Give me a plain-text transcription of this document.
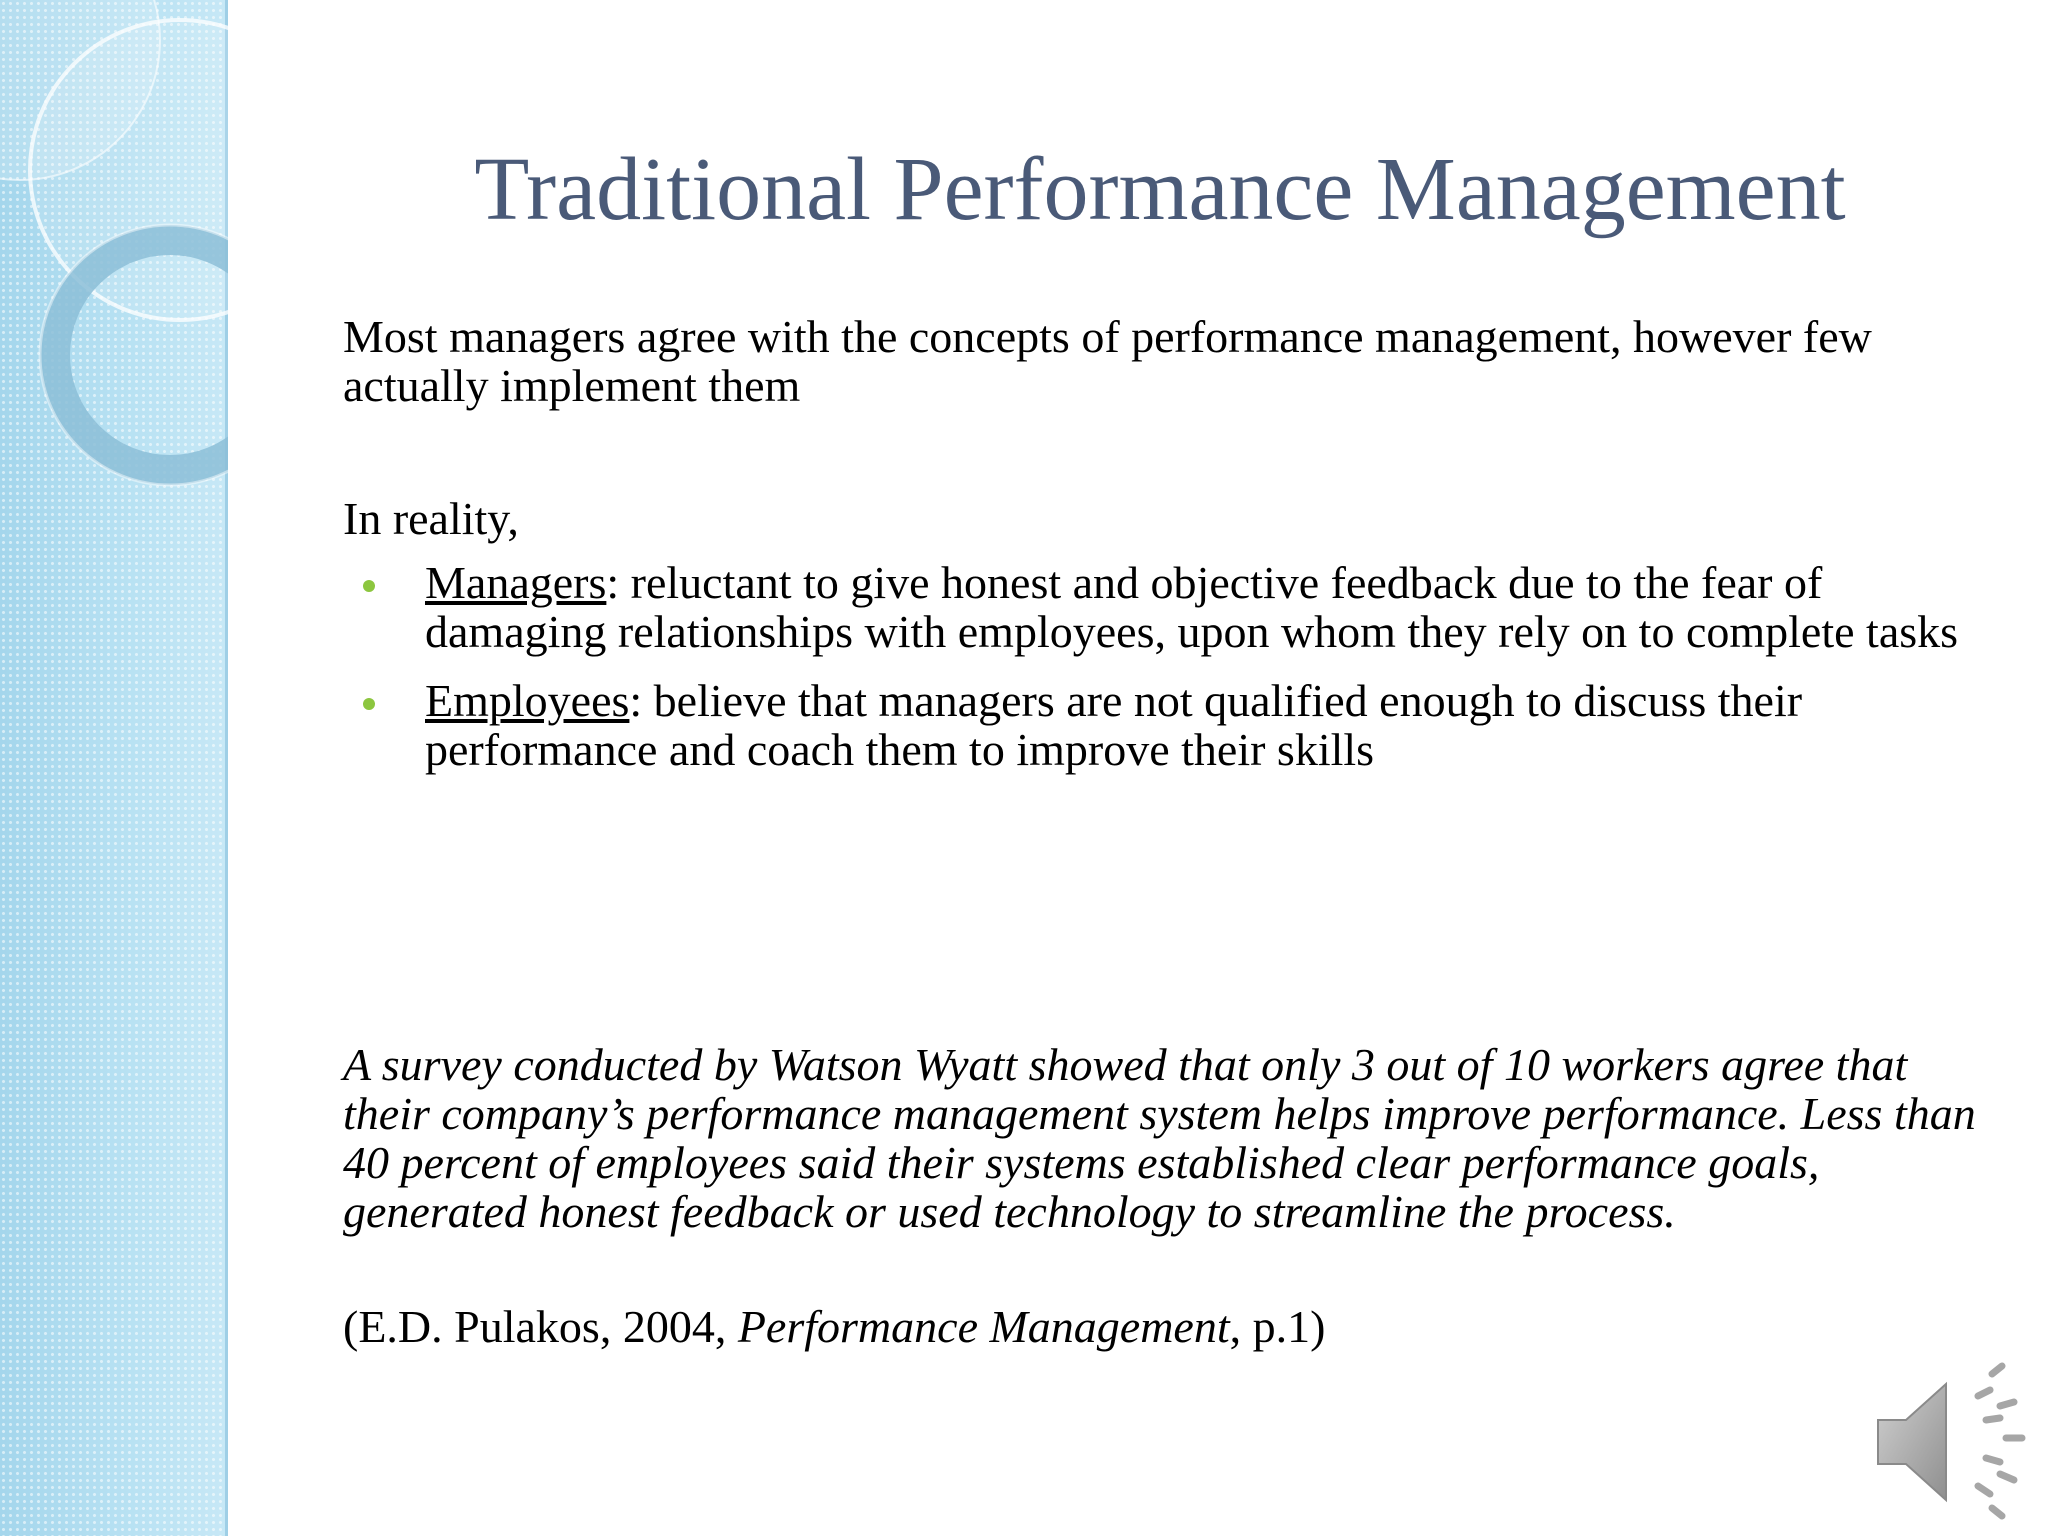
Traditional Performance Management
Most managers agree with the concepts of performance management, however few actually implement them
In reality,
Managers: reluctant to give honest and objective feedback due to the fear of damaging relationships with employees, upon whom they rely on to complete tasks
Employees: believe that managers are not qualified enough to discuss their performance and coach them to improve their skills
A survey conducted by Watson Wyatt showed that only 3 out of 10 workers agree that their company’s performance management system helps improve performance. Less than 40 percent of employees said their systems established clear performance goals, generated honest feedback or used technology to streamline the process.
(E.D. Pulakos, 2004, Performance Management, p.1)
